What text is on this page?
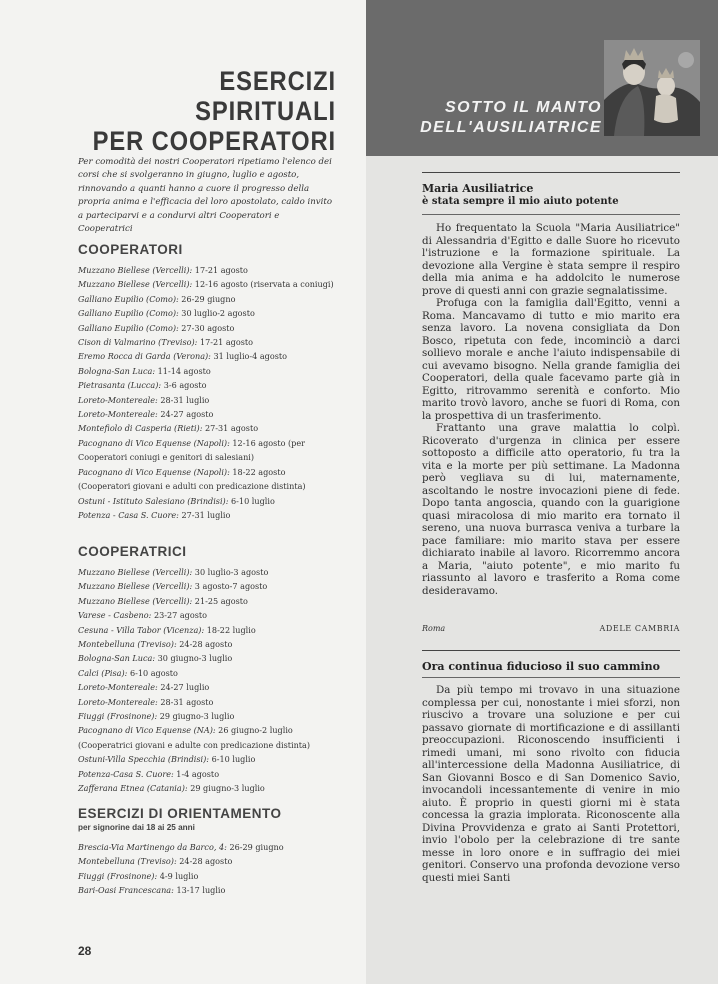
ESERCIZI SPIRITUALI
PER COOPERATORI
Per comodità dei nostri Cooperatori ripetiamo l'elenco dei corsi che si svolgeranno in giugno, luglio e agosto, rinnovando a quanti hanno a cuore il progresso della propria anima e l'efficacia del loro apostolato, caldo invito a parteciparvi e a condurvi altri Cooperatori e Cooperatrici
COOPERATORI
Muzzano Biellese (Vercelli): 17-21 agosto
Muzzano Biellese (Vercelli): 12-16 agosto (riservata a coniugi)
Galliano Eupilio (Como): 26-29 giugno
Galliano Eupilio (Como): 30 luglio-2 agosto
Galliano Eupilio (Como): 27-30 agosto
Cison di Valmarino (Treviso): 17-21 agosto
Eremo Rocca di Garda (Verona): 31 luglio-4 agosto
Bologna-San Luca: 11-14 agosto
Pietrasanta (Lucca): 3-6 agosto
Loreto-Montereale: 28-31 luglio
Loreto-Montereale: 24-27 agosto
Montefiolo di Casperia (Rieti): 27-31 agosto
Pacognano di Vico Equense (Napoli): 12-16 agosto (per Cooperatori coniugi e genitori di salesiani)
Pacognano di Vico Equense (Napoli): 18-22 agosto (Cooperatori giovani e adulti con predicazione distinta)
Ostuni - Istituto Salesiano (Brindisi): 6-10 luglio
Potenza - Casa S. Cuore: 27-31 luglio
COOPERATRICI
Muzzano Biellese (Vercelli): 30 luglio-3 agosto
Muzzano Biellese (Vercelli): 3 agosto-7 agosto
Muzzano Biellese (Vercelli): 21-25 agosto
Varese - Casbeno: 23-27 agosto
Cesuna - Villa Tabor (Vicenza): 18-22 luglio
Montebelluna (Treviso): 24-28 agosto
Bologna-San Luca: 30 giugno-3 luglio
Calci (Pisa): 6-10 agosto
Loreto-Montereale: 24-27 luglio
Loreto-Montereale: 28-31 agosto
Fiuggi (Frosinone): 29 giugno-3 luglio
Pacognano di Vico Equense (NA): 26 giugno-2 luglio (Cooperatrici giovani e adulte con predicazione distinta)
Ostuni-Villa Specchia (Brindisi): 6-10 luglio
Potenza-Casa S. Cuore: 1-4 agosto
Zafferana Etnea (Catania): 29 giugno-3 luglio
ESERCIZI DI ORIENTAMENTO
per signorine dai 18 ai 25 anni
Brescia-Via Martinengo da Barco, 4: 26-29 giugno
Montebelluna (Treviso): 24-28 agosto
Fiuggi (Frosinone): 4-9 luglio
Bari-Oasi Francescana: 13-17 luglio
28
SOTTO IL MANTO
DELL'AUSILIATRICE
Maria Ausiliatrice
è stata sempre il mio aiuto potente

Ho frequentato la Scuola "Maria Ausiliatrice" di Alessandria d'Egitto e dalle Suore ho ricevuto l'istruzione e la formazione spirituale. La devozione alla Vergine è stata sempre il respiro della mia anima e ha addolcito le numerose prove di questi anni con grazie segnalatissime.

Profuga con la famiglia dall'Egitto, venni a Roma. Mancavamo di tutto e mio marito era senza lavoro. La novena consigliata da Don Bosco, ripetuta con fede, incominciò a darci sollievo morale e anche l'aiuto indispensabile di cui avevamo bisogno. Nella grande famiglia dei Cooperatori, della quale facevamo parte già in Egitto, ritrovammo serenità e conforto. Mio marito trovò lavoro, anche se fuori di Roma, con la prospettiva di un trasferimento.

Frattanto una grave malattia lo colpì. Ricoverato d'urgenza in clinica per essere sottoposto a difficile atto operatorio, fu tra la vita e la morte per più settimane. La Madonna però vegliava su di lui, maternamente, ascoltando le nostre invocazioni piene di fede. Dopo tanta angoscia, quando con la guarigione quasi miracolosa di mio marito era tornato il sereno, una nuova burrasca veniva a turbare la pace familiare: mio marito stava per essere dichiarato inabile al lavoro. Ricorremmo ancora a Maria, "aiuto potente", e mio marito fu riassunto al lavoro e trasferito a Roma come desideravamo.

Roma	ADELE CAMBRIA
Ora continua fiducioso il suo cammino

Da più tempo mi trovavo in una situazione complessa per cui, nonostante i miei sforzi, non riuscivo a trovare una soluzione e per cui passavo giornate di mortificazione e di assillanti preoccupazioni. Riconoscendo insufficienti i rimedi umani, mi sono rivolto con fiducia all'intercessione della Madonna Ausiliatrice, di San Giovanni Bosco e di San Domenico Savio, invocandoli incessantemente di venire in mio aiuto. È proprio in questi giorni mi è stata concessa la grazia implorata. Riconoscente alla Divina Provvidenza e grato ai Santi Protettori, invio l'obolo per la celebrazione di tre sante messe in loro onore e in suffragio dei miei genitori. Conservo una profonda devozione verso questi miei Santi
